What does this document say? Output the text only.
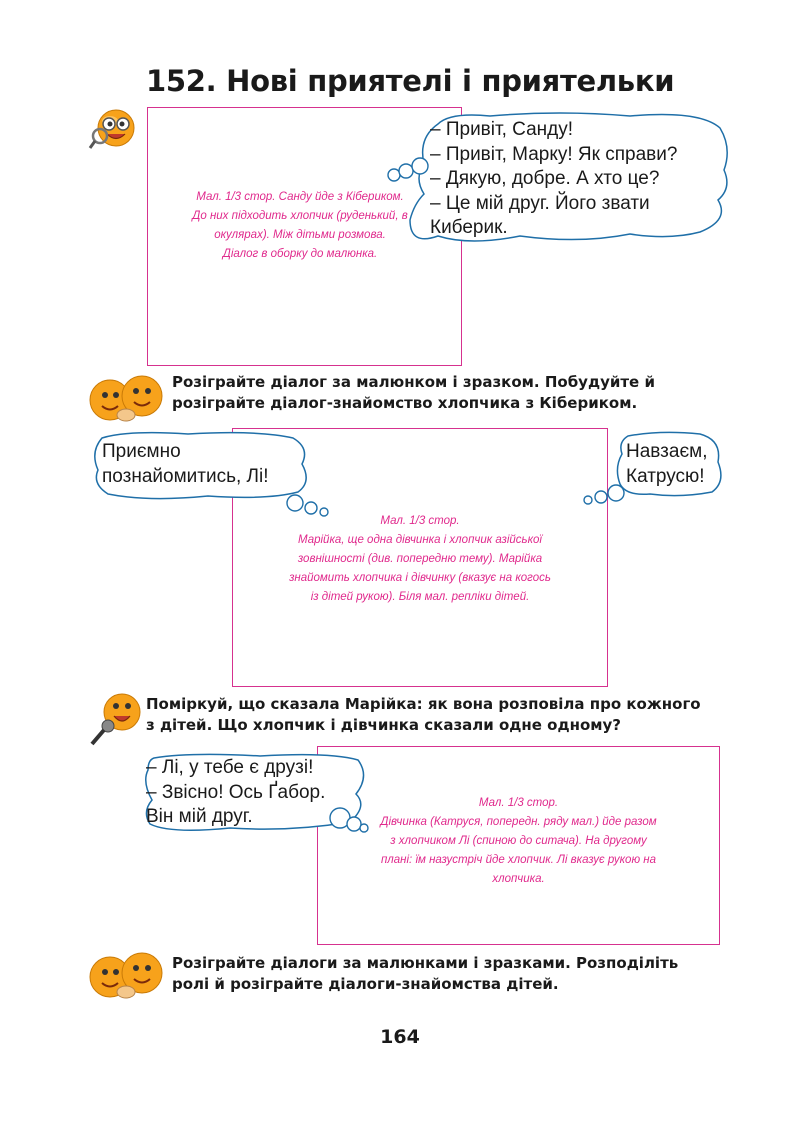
152. Нові приятелі і приятельки
Мал. 1/3 стор. Санду йде з Кібериком.
До них підходить хлопчик (руденький, в
окулярах). Між дітьми розмова.
Діалог в оборку до малюнка.
– Привіт, Санду!
– Привіт, Марку! Як справи?
– Дякую, добре. А хто це?
– Це мій друг. Його звати
Киберик.
Розіграйте діалог за малюнком і зразком. Побудуйте й
розіграйте діалог-знайомство хлопчика з Кібериком.
Мал. 1/3 стор.
Марійка, ще одна дівчинка і хлопчик азійської
зовнішності (див. попередню тему). Марійка
знайомить хлопчика і дівчинку (вказує на когось
із дітей рукою). Біля мал. репліки дітей.
Приємно
познайомитись, Лі!
Навзаєм,
Катрусю!
Поміркуй, що сказала Марійка: як вона розповіла про кожного
з дітей. Що хлопчик і дівчинка сказали одне одному?
Мал. 1/3 стор.
Дівчинка (Катруся, попередн. ряду мал.) йде разом
з хлопчиком Лі (спиною до ситача). На другому
плані: їм назустріч йде хлопчик. Лі вказує рукою на
хлопчика.
– Лі, у тебе є друзі!
– Звісно! Ось Ґабор.
Він мій друг.
Розіграйте діалоги за малюнками і зразками. Розподіліть
ролі й розіграйте діалоги-знайомства дітей.
164
